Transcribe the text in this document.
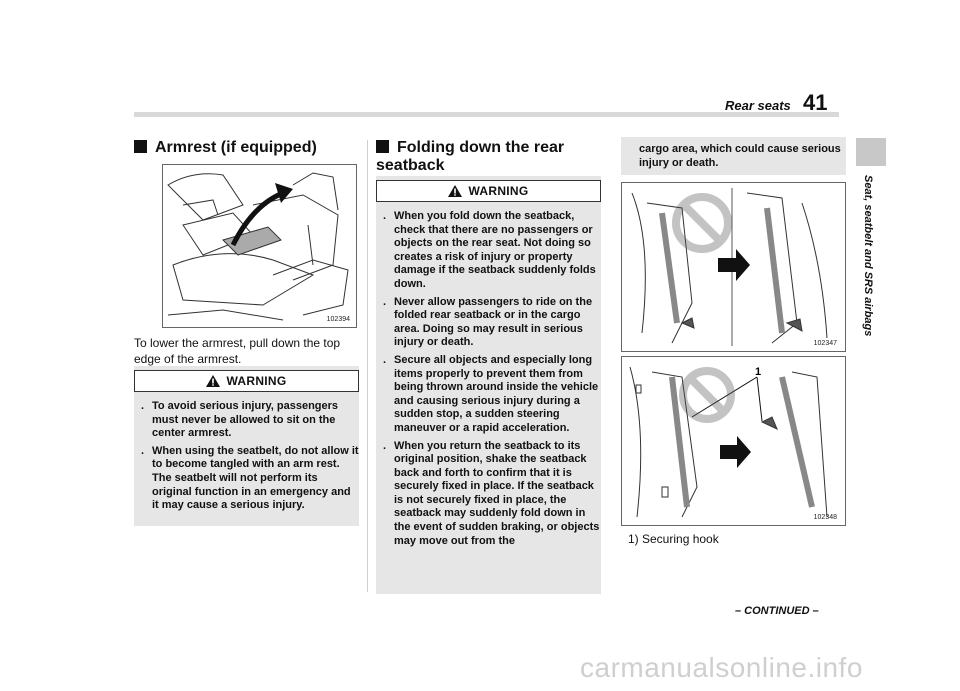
Rear seats 41
Seat, seatbelt and SRS airbags
Armrest (if equipped)
102394
To lower the armrest, pull down the top edge of the armrest.
WARNING
. To avoid serious injury, passengers must never be allowed to sit on the center armrest.
. When using the seatbelt, do not allow it to become tangled with an arm rest. The seatbelt will not perform its original function in an emergency and it may cause a serious injury.
Folding down the rear seatback
WARNING
. When you fold down the seatback, check that there are no passengers or objects on the rear seat. Not doing so creates a risk of injury or property damage if the seatback suddenly folds down.
. Never allow passengers to ride on the folded rear seatback or in the cargo area. Doing so may result in serious injury or death.
. Secure all objects and especially long items properly to prevent them from being thrown around inside the vehicle and causing serious injury during a sudden stop, a sudden steering maneuver or a rapid acceleration.
. When you return the seatback to its original position, shake the seatback back and forth to confirm that it is securely fixed in place. If the seatback is not securely fixed in place, the seatback may suddenly fold down in the event of sudden braking, or objects may move out from the
cargo area, which could cause serious injury or death.
102347
1
102348
1) Securing hook
– CONTINUED –
carmanualsonline.info
